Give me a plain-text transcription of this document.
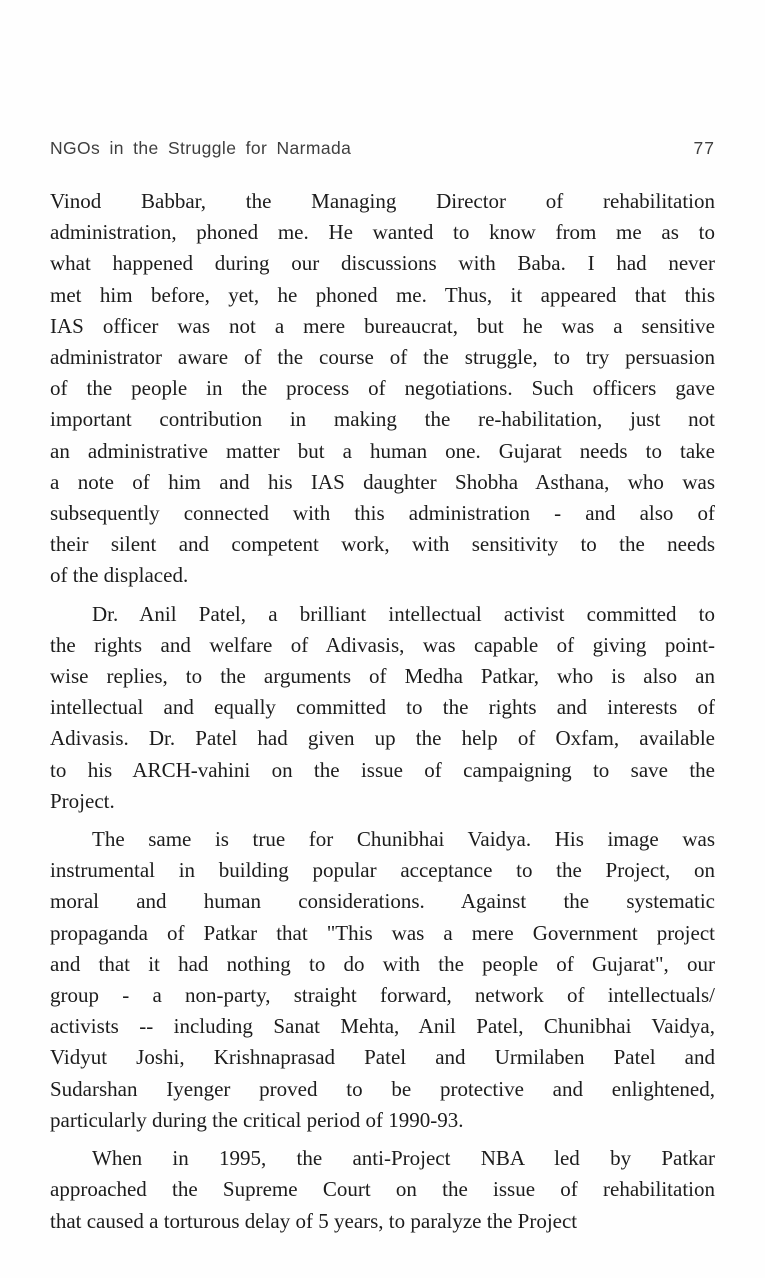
NGOs in the Struggle for Narmada	77
Vinod Babbar, the Managing Director of rehabilitation
administration, phoned me. He wanted to know from me as to
what happened during our discussions with Baba. I had never
met him before, yet, he phoned me. Thus, it appeared that this
IAS officer was not a mere bureaucrat, but he was a sensitive
administrator aware of the course of the struggle, to try persuasion
of the people in the process of negotiations. Such officers gave
important contribution in making the re-habilitation, just not
an administrative matter but a human one. Gujarat needs to take
a note of him and his IAS daughter Shobha Asthana, who was
subsequently connected with this administration - and also of
their silent and competent work, with sensitivity to the needs
of the displaced.
Dr. Anil Patel, a brilliant intellectual activist committed to
the rights and welfare of Adivasis, was capable of giving point-
wise replies, to the arguments of Medha Patkar, who is also an
intellectual and equally committed to the rights and interests of
Adivasis. Dr. Patel had given up the help of Oxfam, available
to his ARCH-vahini on the issue of campaigning to save the
Project.
The same is true for Chunibhai Vaidya. His image was
instrumental in building popular acceptance to the Project, on
moral and human considerations. Against the systematic
propaganda of Patkar that "This was a mere Government project
and that it had nothing to do with the people of Gujarat", our
group - a non-party, straight forward, network of intellectuals/
activists -- including Sanat Mehta, Anil Patel, Chunibhai Vaidya,
Vidyut Joshi, Krishnaprasad Patel and Urmilaben Patel and
Sudarshan Iyenger proved to be protective and enlightened,
particularly during the critical period of 1990-93.
When in 1995, the anti-Project NBA led by Patkar
approached the Supreme Court on the issue of rehabilitation
that caused a torturous delay of 5 years, to paralyze the Project
